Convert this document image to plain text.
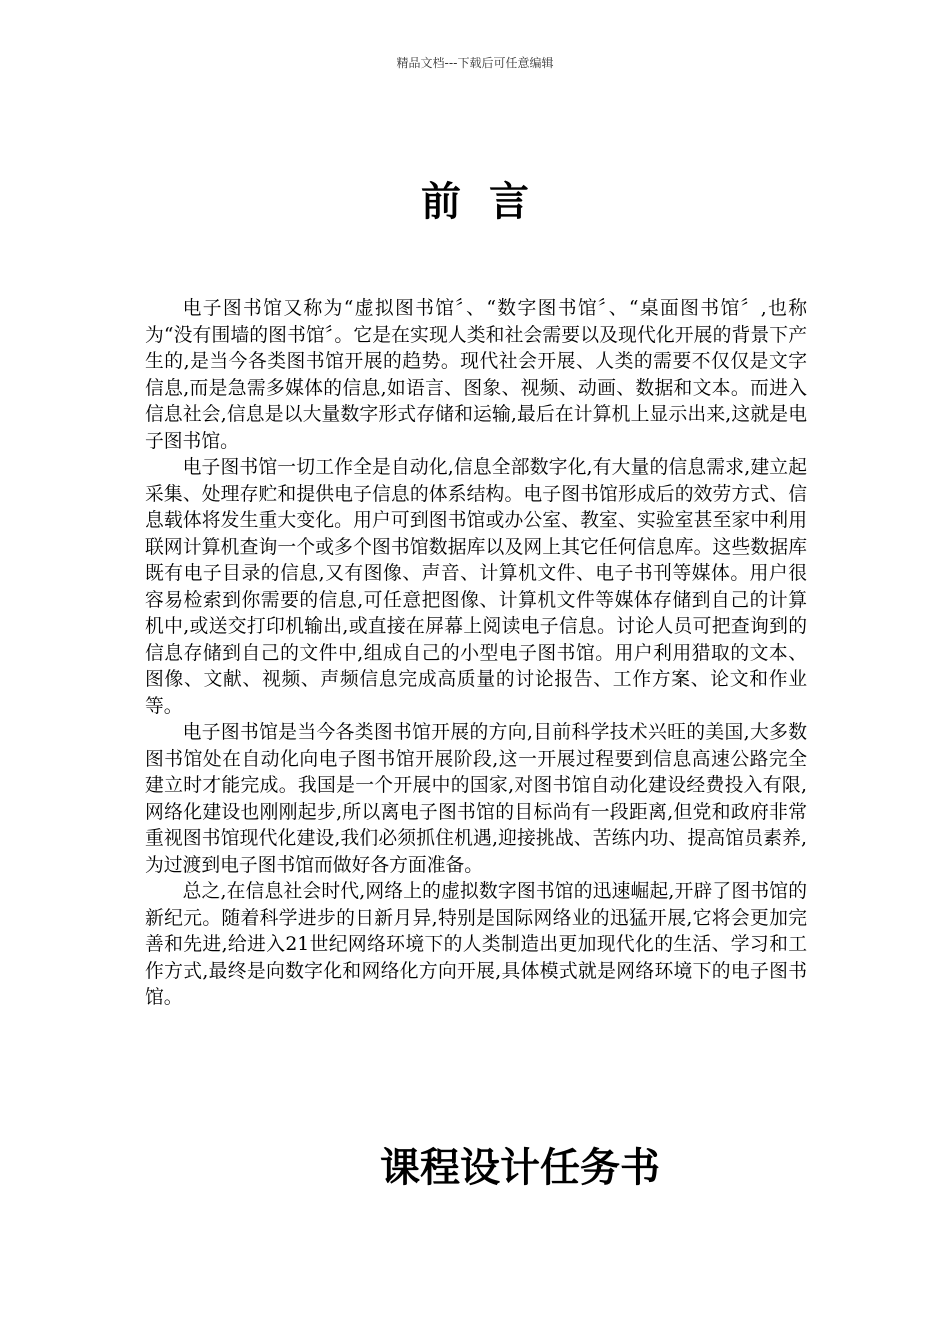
精品文档---下载后可任意编辑
前言

电子图书馆又称为“虚拟图书馆〞、“数字图书馆〞、“桌面图书馆〞,也称为“没有围墙的图书馆〞。它是在实现人类和社会需要以及现代化开展的背景下产生的,是当今各类图书馆开展的趋势。现代社会开展、人类的需要不仅仅是文字信息,而是急需多媒体的信息,如语言、图象、视频、动画、数据和文本。而进入信息社会,信息是以大量数字形式存储和运输,最后在计算机上显示出来,这就是电子图书馆。

电子图书馆一切工作全是自动化,信息全部数字化,有大量的信息需求,建立起采集、处理存贮和提供电子信息的体系结构。电子图书馆形成后的效劳方式、信息载体将发生重大变化。用户可到图书馆或办公室、教室、实验室甚至家中利用联网计算机查询一个或多个图书馆数据库以及网上其它任何信息库。这些数据库既有电子目录的信息,又有图像、声音、计算机文件、电子书刊等媒体。用户很容易检索到你需要的信息,可任意把图像、计算机文件等媒体存储到自己的计算机中,或送交打印机输出,或直接在屏幕上阅读电子信息。讨论人员可把查询到的信息存储到自己的文件中,组成自己的小型电子图书馆。用户利用猎取的文本、图像、文献、视频、声频信息完成高质量的讨论报告、工作方案、论文和作业等。

电子图书馆是当今各类图书馆开展的方向,目前科学技术兴旺的美国,大多数图书馆处在自动化向电子图书馆开展阶段,这一开展过程要到信息高速公路完全建立时才能完成。我国是一个开展中的国家,对图书馆自动化建设经费投入有限,网络化建设也刚刚起步,所以离电子图书馆的目标尚有一段距离,但党和政府非常重视图书馆现代化建设,我们必须抓住机遇,迎接挑战、苦练内功、提高馆员素养,为过渡到电子图书馆而做好各方面准备。

总之,在信息社会时代,网络上的虚拟数字图书馆的迅速崛起,开辟了图书馆的新纪元。随着科学进步的日新月异,特别是国际网络业的迅猛开展,它将会更加完善和先进,给进入21世纪网络环境下的人类制造出更加现代化的生活、学习和工作方式,最终是向数字化和网络化方向开展,具体模式就是网络环境下的电子图书馆。

课程设计任务书
